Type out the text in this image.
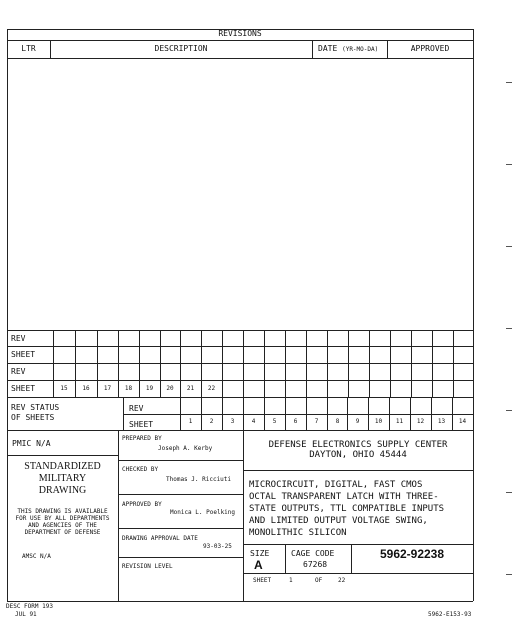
REVISIONS
LTR	DESCRIPTION	DATE (YR-MO-DA)	APPROVED
REV
SHEET
REV
SHEET	15	16	17	18	19	20	21	22
REV STATUS
OF SHEETS
REV
SHEET	1	2	3	4	5	6	7	8	9	10	11	12	13	14
PMIC N/A
STANDARDIZED
MILITARY
DRAWING
THIS DRAWING IS AVAILABLE
FOR USE BY ALL DEPARTMENTS
AND AGENCIES OF THE
DEPARTMENT OF DEFENSE
AMSC N/A
PREPARED BY
Joseph A. Kerby
CHECKED BY
Thomas J. Ricciuti
APPROVED BY
Monica L. Poelking
DRAWING APPROVAL DATE
93-03-25
REVISION LEVEL
DEFENSE ELECTRONICS SUPPLY CENTER
DAYTON, OHIO 45444
MICROCIRCUIT, DIGITAL, FAST CMOS
OCTAL TRANSPARENT LATCH WITH THREE-
STATE OUTPUTS, TTL COMPATIBLE INPUTS
AND LIMITED OUTPUT VOLTAGE SWING,
MONOLITHIC SILICON
SIZE
A
CAGE CODE
67268
5962-92238
SHEET	1	OF	22
DESC FORM 193
JUL 91	5962-E153-93
